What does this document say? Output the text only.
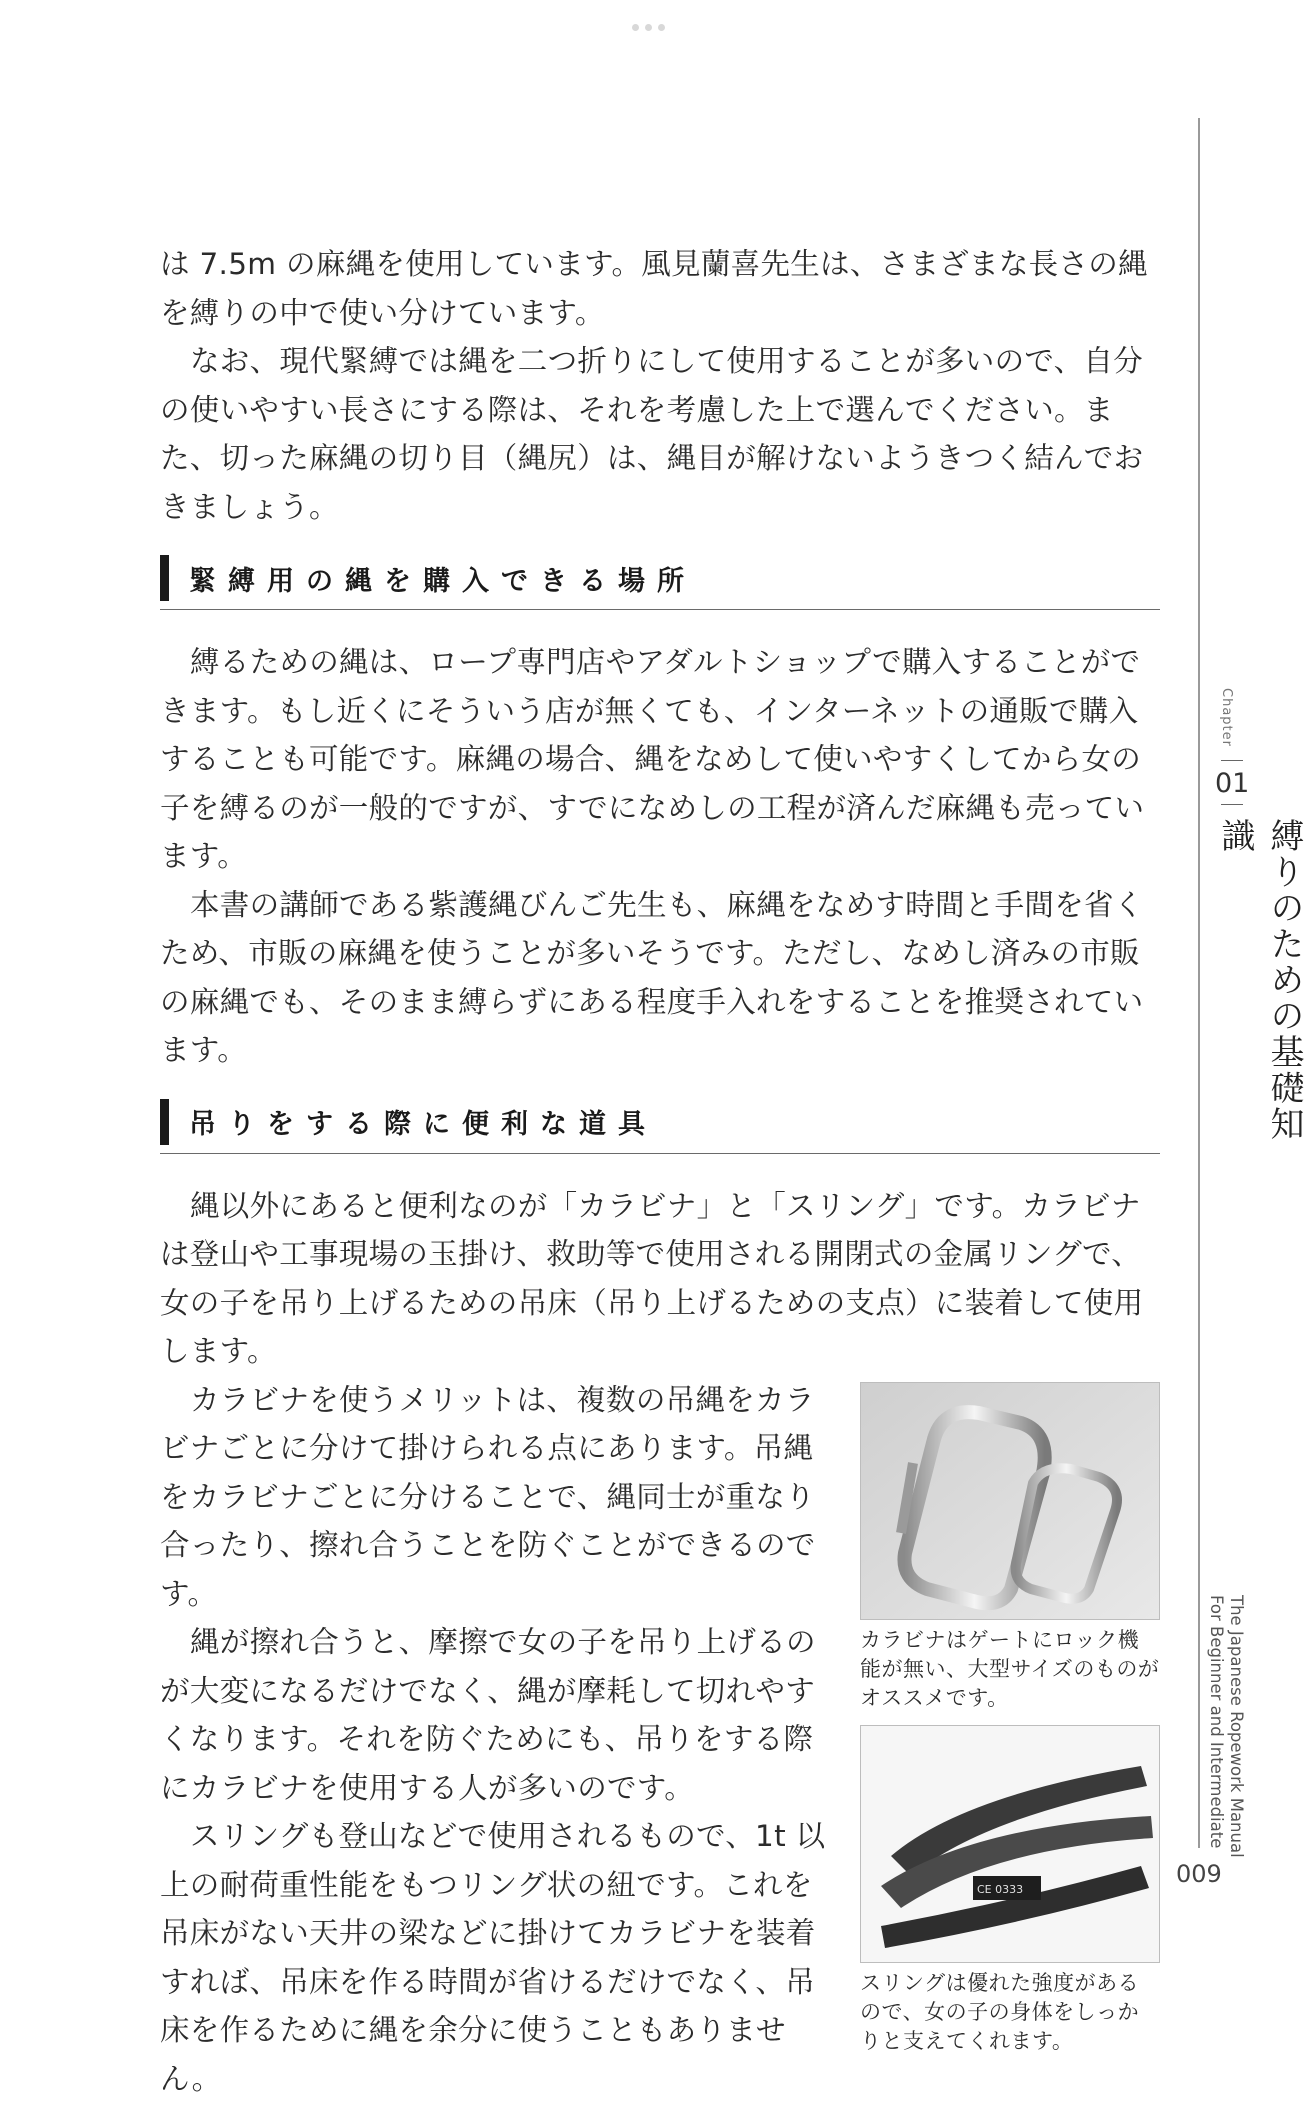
は 7.5m の麻縄を使用しています。風見蘭喜先生は、さまざまな長さの縄を縛りの中で使い分けています。

なお、現代緊縛では縄を二つ折りにして使用することが多いので、自分の使いやすい長さにする際は、それを考慮した上で選んでください。また、切った麻縄の切り目（縄尻）は、縄目が解けないようきつく結んでおきましょう。

緊縛用の縄を購入できる場所

縛るための縄は、ロープ専門店やアダルトショップで購入することができます。もし近くにそういう店が無くても、インターネットの通販で購入することも可能です。麻縄の場合、縄をなめして使いやすくしてから女の子を縛るのが一般的ですが、すでになめしの工程が済んだ麻縄も売っています。

本書の講師である紫護縄びんご先生も、麻縄をなめす時間と手間を省くため、市販の麻縄を使うことが多いそうです。ただし、なめし済みの市販の麻縄でも、そのまま縛らずにある程度手入れをすることを推奨されています。

吊りをする際に便利な道具

縄以外にあると便利なのが「カラビナ」と「スリング」です。カラビナは登山や工事現場の玉掛け、救助等で使用される開閉式の金属リングで、女の子を吊り上げるための吊床（吊り上げるための支点）に装着して使用します。

カラビナはゲートにロック機能が無い、大型サイズのものがオススメです。
CE 0333
スリングは優れた強度があるので、女の子の身体をしっかりと支えてくれます。

カラビナを使うメリットは、複数の吊縄をカラビナごとに分けて掛けられる点にあります。吊縄をカラビナごとに分けることで、縄同士が重なり合ったり、擦れ合うことを防ぐことができるのです。

縄が擦れ合うと、摩擦で女の子を吊り上げるのが大変になるだけでなく、縄が摩耗して切れやすくなります。それを防ぐためにも、吊りをする際にカラビナを使用する人が多いのです。

スリングも登山などで使用されるもので、1t 以上の耐荷重性能をもつリング状の紐です。これを吊床がない天井の梁などに掛けてカラビナを装着すれば、吊床を作る時間が省けるだけでなく、吊床を作るために縄を余分に使うこともありません。

Chapter
01
縛りのための基礎知識
The Japanese Ropework Manual
For Beginner and Intermediate
009
